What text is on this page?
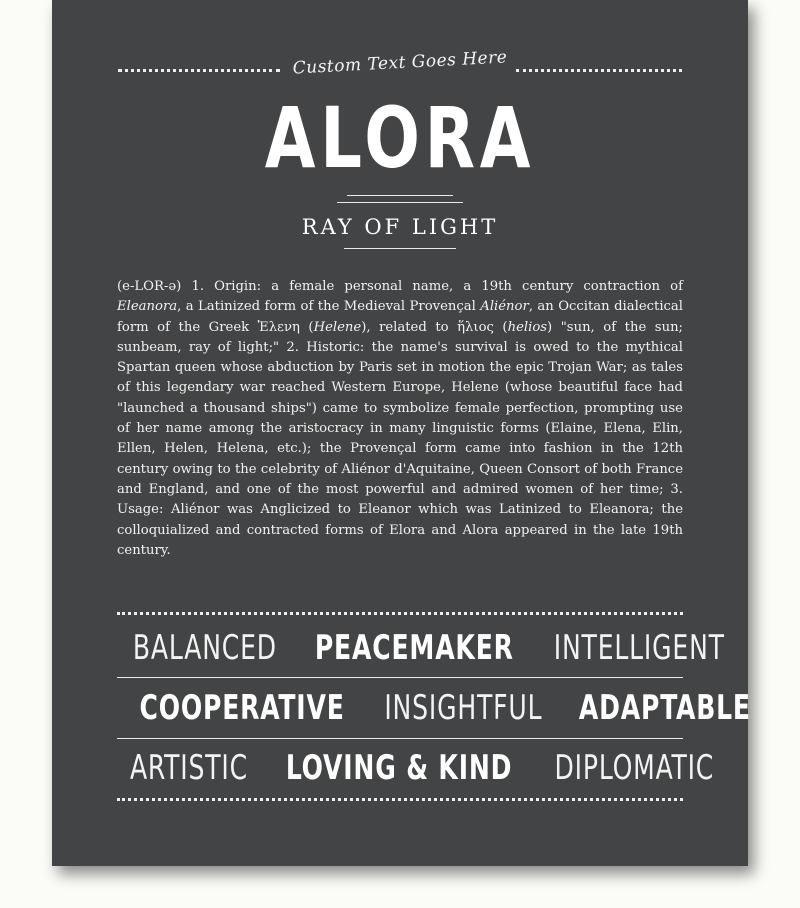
Custom Text Goes Here
ALORA
RAY OF LIGHT
(e-LOR-ə) 1. Origin: a female personal name, a 19th century contraction of Eleanora, a Latinized form of the Medieval Provençal Aliénor, an Occitan dialectical form of the Greek Ἑλενη (Helene), related to ἥλιος (helios) "sun, of the sun; sunbeam, ray of light;" 2. Historic: the name's survival is owed to the mythical Spartan queen whose abduction by Paris set in motion the epic Trojan War; as tales of this legendary war reached Western Europe, Helene (whose beautiful face had "launched a thousand ships") came to symbolize female perfection, prompting use of her name among the aristocracy in many linguistic forms (Elaine, Elena, Elin, Ellen, Helen, Helena, etc.); the Provençal form came into fashion in the 12th century owing to the celebrity of Aliénor d'Aquitaine, Queen Consort of both France and England, and one of the most powerful and admired women of her time; 3. Usage: Aliénor was Anglicized to Eleanor which was Latinized to Eleanora; the colloquialized and contracted forms of Elora and Alora appeared in the late 19th century.
BALANCED PEACEMAKER INTELLIGENT
COOPERATIVE INSIGHTFUL ADAPTABLE
ARTISTIC LOVING & KIND DIPLOMATIC
